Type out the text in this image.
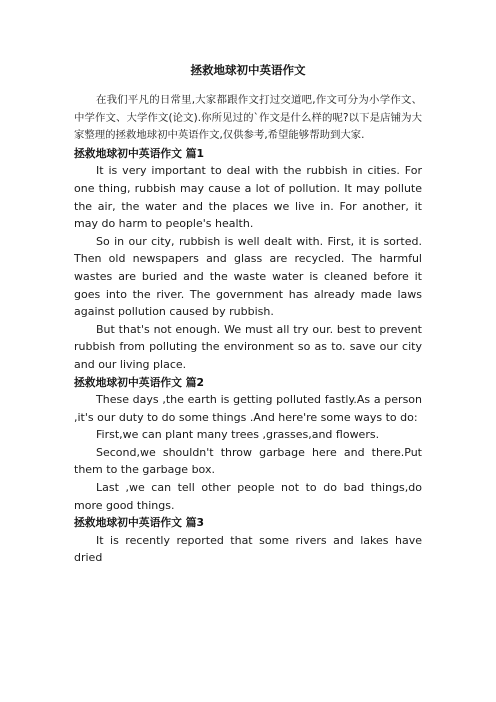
拯救地球初中英语作文

在我们平凡的日常里,大家都跟作文打过交道吧,作文可分为小学作文、中学作文、大学作文(论文).你所见过的`作文是什么样的呢?以下是店铺为大家整理的拯救地球初中英语作文,仅供参考,希望能够帮助到大家.

拯救地球初中英语作文 篇1

It is very important to deal with the rubbish in cities. For one thing, rubbish may cause a lot of pollution. It may pollute the air, the water and the places we live in. For another, it may do harm to people's health.

So in our city, rubbish is well dealt with. First, it is sorted. Then old newspapers and glass are recycled. The harmful wastes are buried and the waste water is cleaned before it goes into the river. The government has already made laws against pollution caused by rubbish.

But that's not enough. We must all try our. best to prevent rubbish from polluting the environment so as to. save our city and our living place.

拯救地球初中英语作文 篇2

These days ,the earth is getting polluted fastly.As a person ,it's our duty to do some things .And here're some ways to do:

First,we can plant many trees ,grasses,and flowers.

Second,we shouldn't throw garbage here and there.Put them to the garbage box.

Last ,we can tell other people not to do bad things,do more good things.

拯救地球初中英语作文 篇3

It is recently reported that some rivers and lakes have dried
